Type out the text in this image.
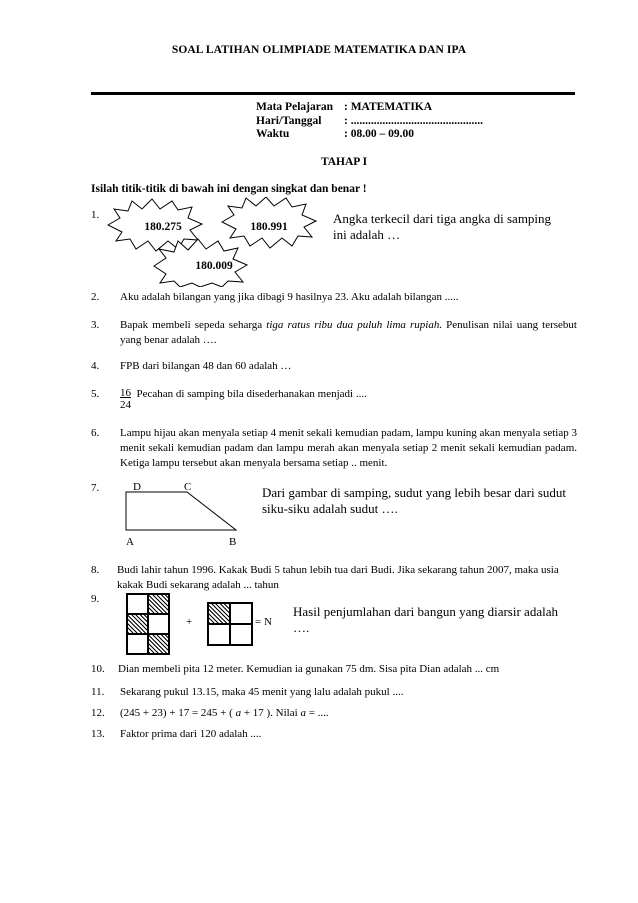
SOAL LATIHAN OLIMPIADE MATEMATIKA DAN IPA
Mata Pelajaran : MATEMATIKA
Hari/Tanggal : ..............................................
Waktu	: 08.00 – 09.00
TAHAP I
Isilah titik-titik di bawah ini dengan singkat dan benar !
1.
180.275	180.991
180.009
Angka terkecil dari tiga angka di samping ini adalah …
2. Aku adalah bilangan yang jika dibagi 9 hasilnya 23. Aku adalah bilangan .....
3. Bapak membeli sepeda seharga tiga ratus ribu dua puluh lima rupiah. Penulisan nilai uang tersebut yang benar adalah ….
4. FPB dari bilangan 48 dan 60 adalah …
5. $\frac{16}{24}$ Pecahan di samping bila disederhanakan menjadi ....
6. Lampu hijau akan menyala setiap 4 menit sekali kemudian padam, lampu kuning akan menyala setiap 3 menit sekali kemudian padam dan lampu merah akan menyala setiap 2 menit sekali kemudian padam. Ketiga lampu tersebut akan menyala bersama setiap .. menit.
7.	D	C
A	B
Dari gambar di samping, sudut yang lebih besar dari sudut siku-siku adalah sudut ….
8. Budi lahir tahun 1996. Kakak Budi 5 tahun lebih tua dari Budi. Jika sekarang tahun 2007, maka usia kakak Budi sekarang adalah ... tahun
9.
+	= N
Hasil penjumlahan dari bangun yang diarsir adalah ….
10. Dian membeli pita 12 meter. Kemudian ia gunakan 75 dm. Sisa pita Dian adalah ... cm
11. Sekarang pukul 13.15, maka 45 menit yang lalu adalah pukul ....
12. (245 + 23) + 17 = 245 + ( a + 17 ). Nilai a = ....
13. Faktor prima dari 120 adalah ....
